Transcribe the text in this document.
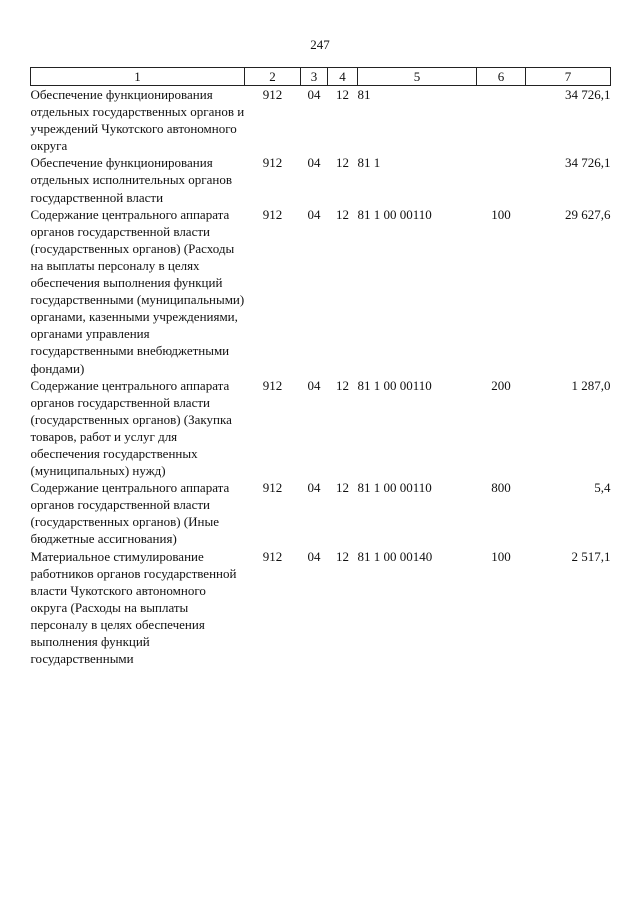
247
1	2	3	4	5	6	7
Обеспечение функционирования отдельных государственных органов и учреждений Чукотского автономного округа	912	04	12	81		34 726,1
Обеспечение функционирования отдельных исполнительных органов государственной власти	912	04	12	81 1		34 726,1
Содержание центрального аппарата органов государственной власти (государственных органов) (Расходы на выплаты персоналу в целях обеспечения выполнения функций государственными (муниципальными) органами, казенными учреждениями, органами управления государственными внебюджетными фондами)	912	04	12	81 1 00 00110	100	29 627,6
Содержание центрального аппарата органов государственной власти (государственных органов) (Закупка товаров, работ и услуг для обеспечения государственных (муниципальных) нужд)	912	04	12	81 1 00 00110	200	1 287,0
Содержание центрального аппарата органов государственной власти (государственных органов) (Иные бюджетные ассигнования)	912	04	12	81 1 00 00110	800	5,4
Материальное стимулирование работников органов государственной власти Чукотского автономного округа (Расходы на выплаты персоналу в целях обеспечения выполнения функций государственными	912	04	12	81 1 00 00140	100	2 517,1
